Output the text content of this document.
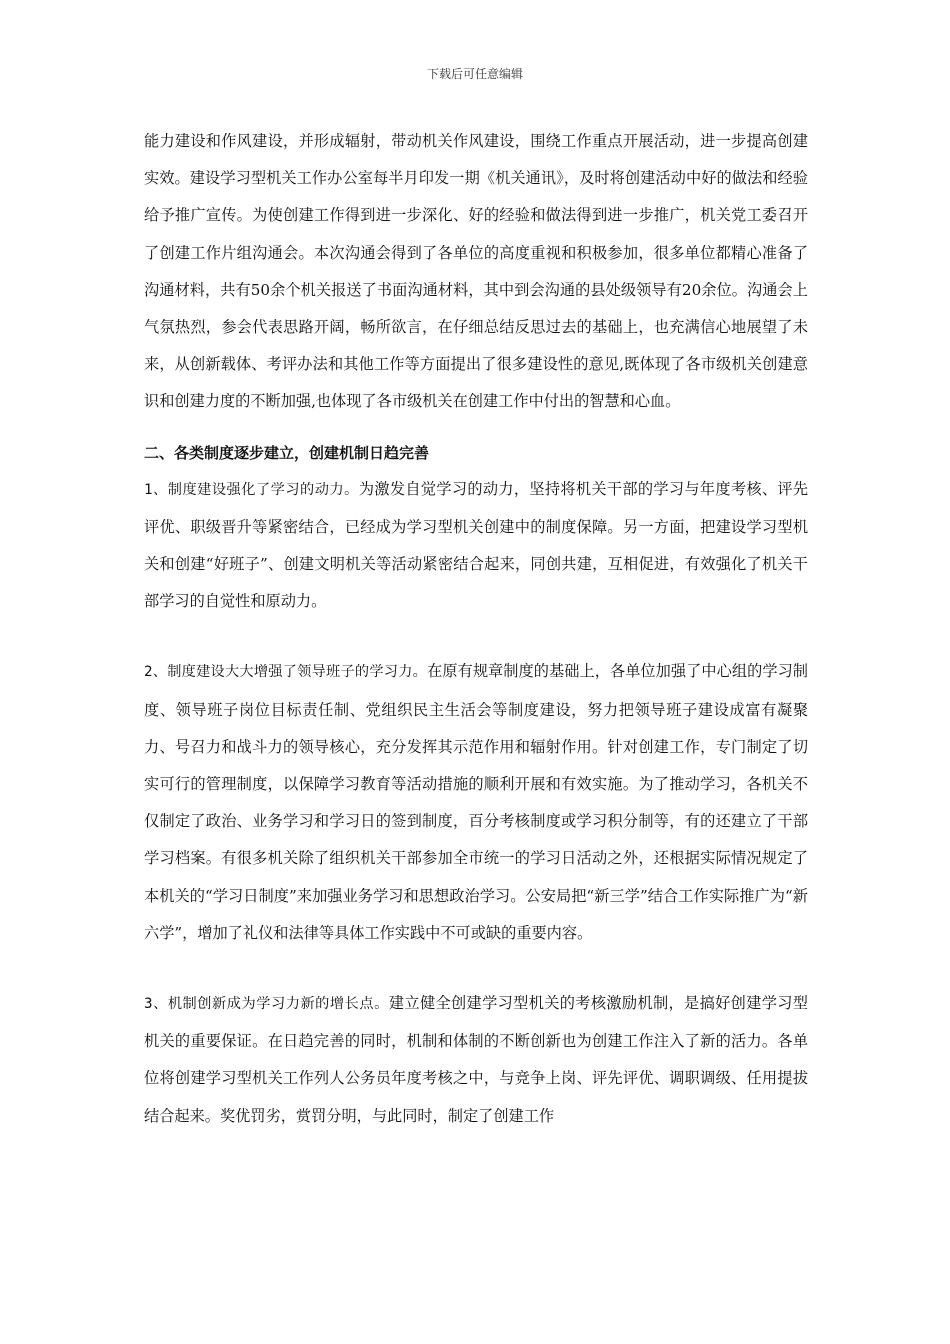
下载后可任意编辑

能力建设和作风建设，并形成辐射，带动机关作风建设，围绕工作重点开展活动，进一步提高创建实效。建设学习型机关工作办公室每半月印发一期《机关通讯》，及时将创建活动中好的做法和经验给予推广宣传。为使创建工作得到进一步深化、好的经验和做法得到进一步推广，机关党工委召开了创建工作片组沟通会。本次沟通会得到了各单位的高度重视和积极参加，很多单位都精心准备了沟通材料，共有50余个机关报送了书面沟通材料，其中到会沟通的县处级领导有20余位。沟通会上气氛热烈，参会代表思路开阔，畅所欲言，在仔细总结反思过去的基础上，也充满信心地展望了未来，从创新载体、考评办法和其他工作等方面提出了很多建设性的意见,既体现了各市级机关创建意识和创建力度的不断加强,也体现了各市级机关在创建工作中付出的智慧和心血。

二、各类制度逐步建立，创建机制日趋完善

1、制度建设强化了学习的动力。为激发自觉学习的动力，坚持将机关干部的学习与年度考核、评先评优、职级晋升等紧密结合，已经成为学习型机关创建中的制度保障。另一方面，把建设学习型机关和创建“好班子”、创建文明机关等活动紧密结合起来，同创共建，互相促进，有效强化了机关干部学习的自觉性和原动力。

2、制度建设大大增强了领导班子的学习力。在原有规章制度的基础上，各单位加强了中心组的学习制度、领导班子岗位目标责任制、党组织民主生活会等制度建设，努力把领导班子建设成富有凝聚力、号召力和战斗力的领导核心，充分发挥其示范作用和辐射作用。针对创建工作，专门制定了切实可行的管理制度，以保障学习教育等活动措施的顺利开展和有效实施。为了推动学习，各机关不仅制定了政治、业务学习和学习日的签到制度，百分考核制度或学习积分制等，有的还建立了干部学习档案。有很多机关除了组织机关干部参加全市统一的学习日活动之外，还根据实际情况规定了本机关的“学习日制度”来加强业务学习和思想政治学习。公安局把“新三学”结合工作实际推广为“新六学”，增加了礼仪和法律等具体工作实践中不可或缺的重要内容。

3、机制创新成为学习力新的增长点。建立健全创建学习型机关的考核激励机制，是搞好创建学习型机关的重要保证。在日趋完善的同时，机制和体制的不断创新也为创建工作注入了新的活力。各单位将创建学习型机关工作列人公务员年度考核之中，与竞争上岗、评先评优、调职调级、任用提拔结合起来。奖优罚劣，赏罚分明，与此同时，制定了创建工作
